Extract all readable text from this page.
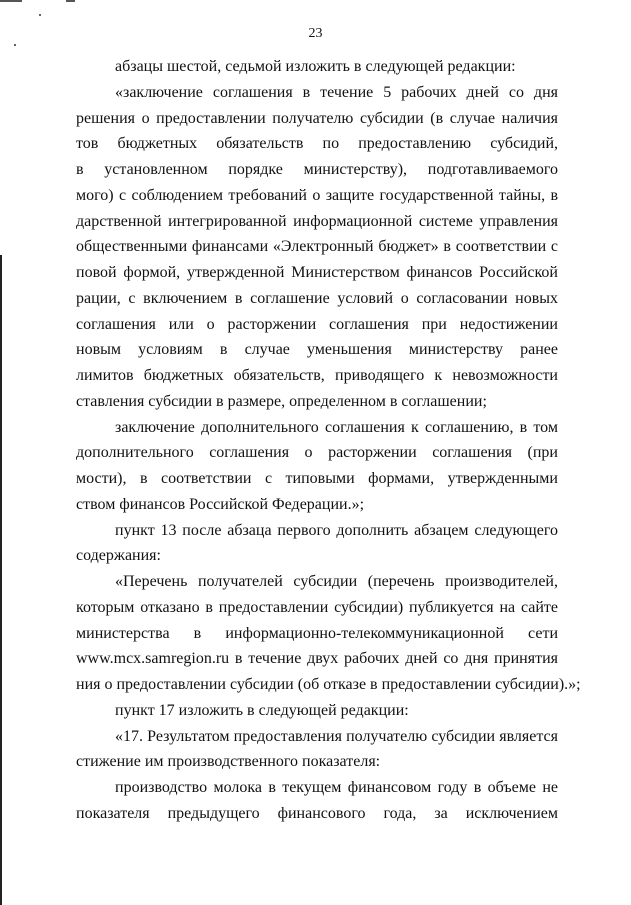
23
абзацы шестой, седьмой изложить в следующей редакции:
«заключение соглашения в течение 5 рабочих дней со дня
решения о предоставлении получателю субсидии (в случае наличия
тов бюджетных обязательств по предоставлению субсидий,
в установленном порядке министерству), подготавливаемого
мого) с соблюдением требований о защите государственной тайны, в
дарственной интегрированной информационной системе управления
общественными финансами «Электронный бюджет» в соответствии с
повой формой, утвержденной Министерством финансов Российской
рации, с включением в соглашение условий о согласовании новых
соглашения или о расторжении соглашения при недостижении
новым условиям в случае уменьшения министерству ранее
лимитов бюджетных обязательств, приводящего к невозможности
ставления субсидии в размере, определенном в соглашении;
заключение дополнительного соглашения к соглашению, в том
дополнительного соглашения о расторжении соглашения (при
мости), в соответствии с типовыми формами, утвержденными
ством финансов Российской Федерации.»;
пункт 13 после абзаца первого дополнить абзацем следующего
содержания:
«Перечень получателей субсидии (перечень производителей,
которым отказано в предоставлении субсидии) публикуется на сайте
министерства в информационно-телекоммуникационной сети
www.mcx.samregion.ru в течение двух рабочих дней со дня принятия
ния о предоставлении субсидии (об отказе в предоставлении субсидии).»;
пункт 17 изложить в следующей редакции:
«17. Результатом предоставления получателю субсидии является
стижение им производственного показателя:
производство молока в текущем финансовом году в объеме не
показателя предыдущего финансового года, за исключением
